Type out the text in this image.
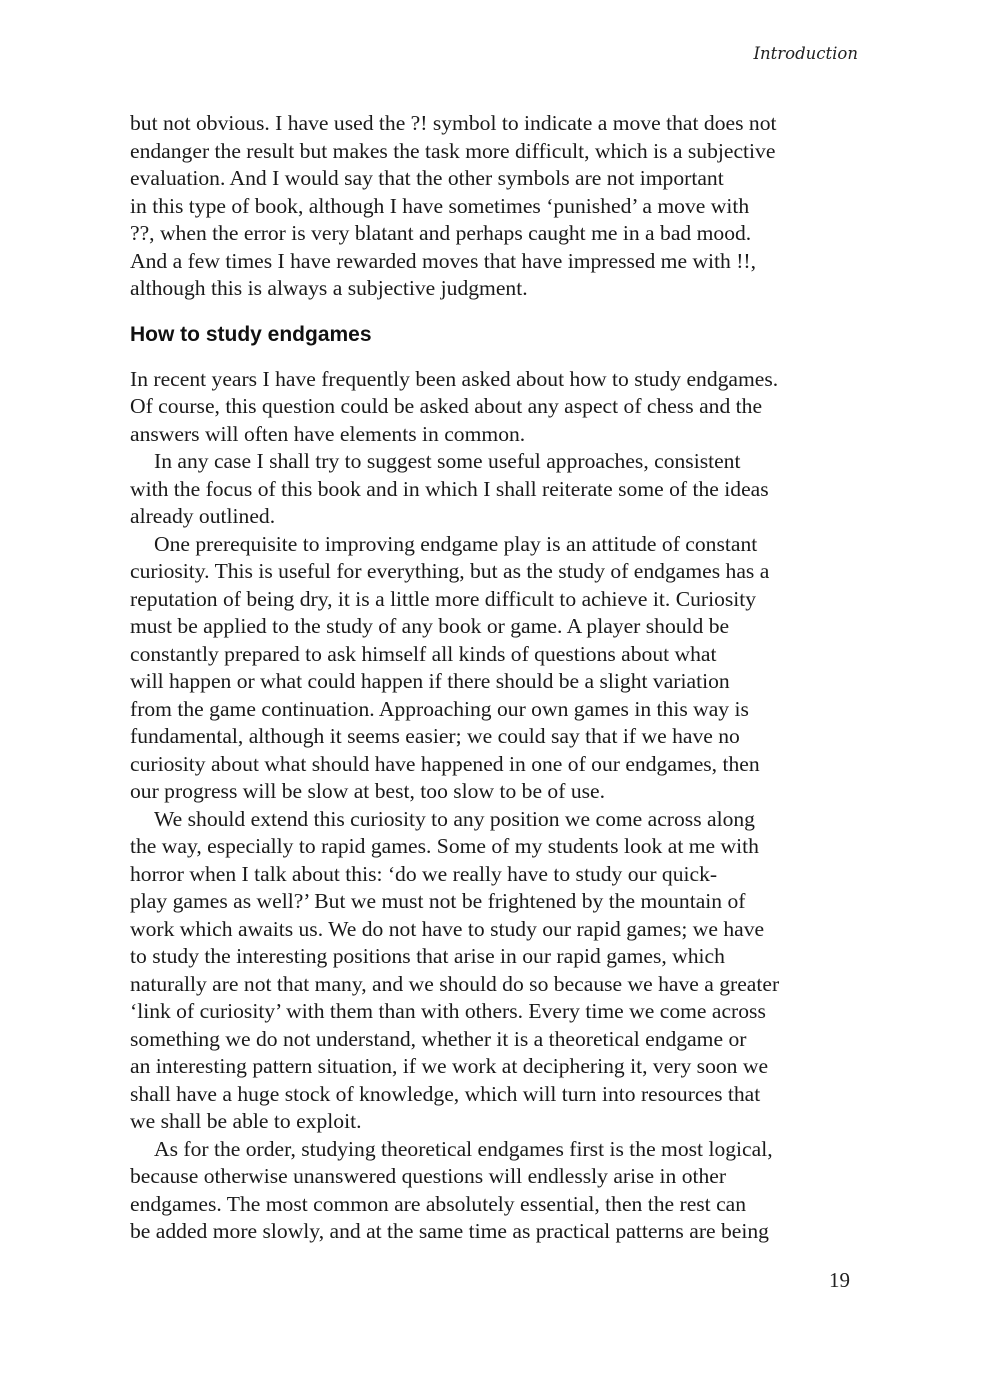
Introduction
but not obvious. I have used the ?! symbol to indicate a move that does not
endanger the result but makes the task more difficult, which is a subjective
evaluation. And I would say that the other symbols are not important
in this type of book, although I have sometimes ‘punished’ a move with
??, when the error is very blatant and perhaps caught me in a bad mood.
And a few times I have rewarded moves that have impressed me with !!,
although this is always a subjective judgment.
How to study endgames
In recent years I have frequently been asked about how to study endgames.
Of course, this question could be asked about any aspect of chess and the
answers will often have elements in common.
In any case I shall try to suggest some useful approaches, consistent
with the focus of this book and in which I shall reiterate some of the ideas
already outlined.
One prerequisite to improving endgame play is an attitude of constant
curiosity. This is useful for everything, but as the study of endgames has a
reputation of being dry, it is a little more difficult to achieve it. Curiosity
must be applied to the study of any book or game. A player should be
constantly prepared to ask himself all kinds of questions about what
will happen or what could happen if there should be a slight variation
from the game continuation. Approaching our own games in this way is
fundamental, although it seems easier; we could say that if we have no
curiosity about what should have happened in one of our endgames, then
our progress will be slow at best, too slow to be of use.
We should extend this curiosity to any position we come across along
the way, especially to rapid games. Some of my students look at me with
horror when I talk about this: ‘do we really have to study our quick-
play games as well?’ But we must not be frightened by the mountain of
work which awaits us. We do not have to study our rapid games; we have
to study the interesting positions that arise in our rapid games, which
naturally are not that many, and we should do so because we have a greater
‘link of curiosity’ with them than with others. Every time we come across
something we do not understand, whether it is a theoretical endgame or
an interesting pattern situation, if we work at deciphering it, very soon we
shall have a huge stock of knowledge, which will turn into resources that
we shall be able to exploit.
As for the order, studying theoretical endgames first is the most logical,
because otherwise unanswered questions will endlessly arise in other
endgames. The most common are absolutely essential, then the rest can
be added more slowly, and at the same time as practical patterns are being
19
